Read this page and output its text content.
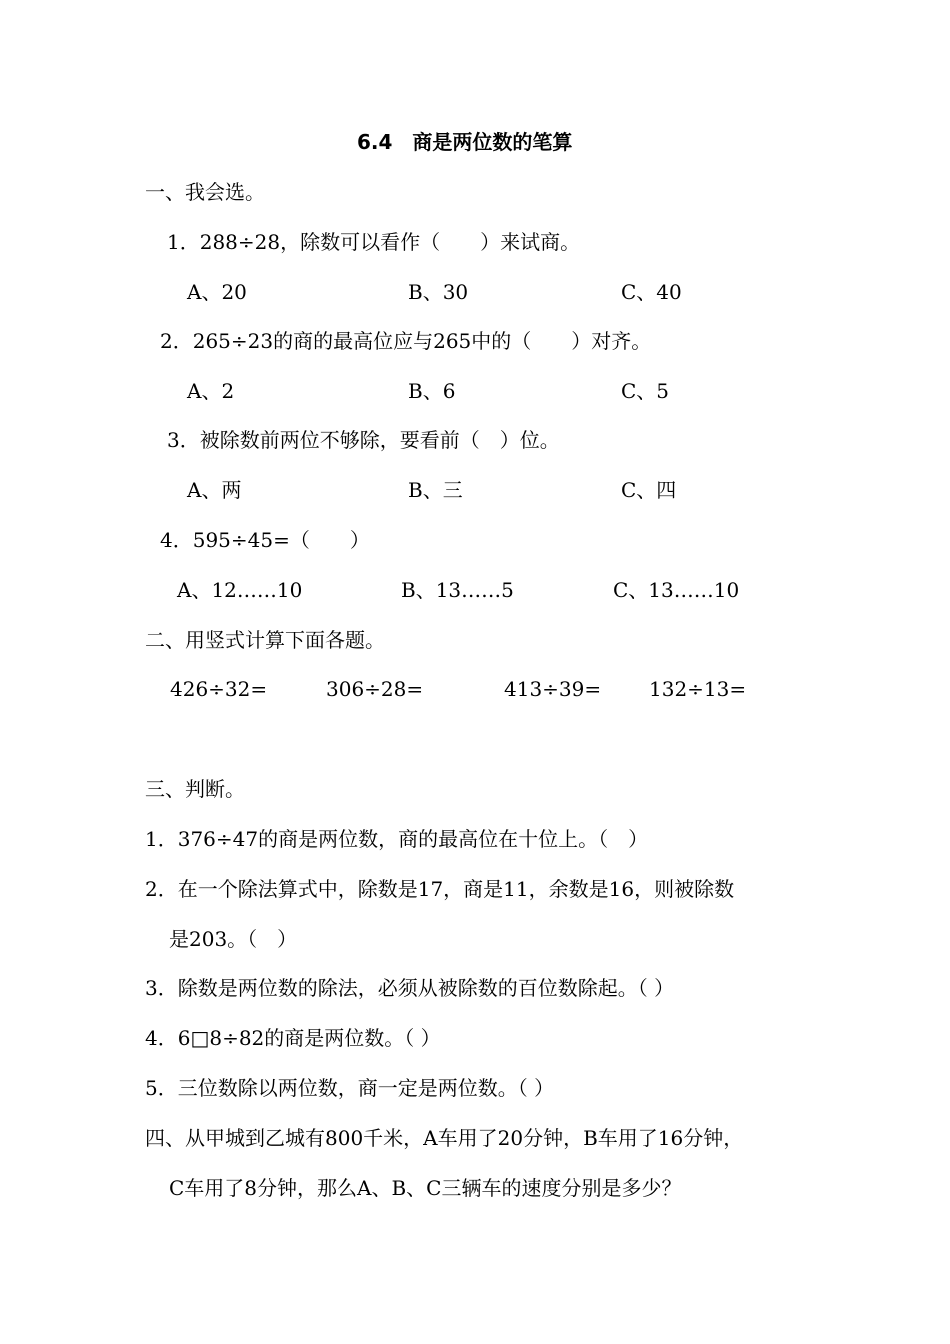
6.4　商是两位数的笔算
一、我会选。
1．288÷28，除数可以看作（　　）来试商。
A、20	B、30	C、40
2．265÷23的商的最高位应与265中的（　　）对齐。
A、2	B、6	C、5
3．被除数前两位不够除，要看前（　）位。
A、两	B、三	C、四
4．595÷45=（　　）
A、12……10	B、13……5	C、13……10
二、用竖式计算下面各题。
426÷32=	306÷28=	413÷39= 132÷13=
三、判断。
1．376÷47的商是两位数，商的最高位在十位上。（　）
2．在一个除法算式中，除数是17，商是11，余数是16，则被除数
是203。（　）
3．除数是两位数的除法，必须从被除数的百位数除起。（ ）
4．6□8÷82的商是两位数。（ ）
5．三位数除以两位数，商一定是两位数。（ ）
四、从甲城到乙城有800千米，A车用了20分钟，B车用了16分钟，
C车用了8分钟，那么A、B、C三辆车的速度分别是多少？
